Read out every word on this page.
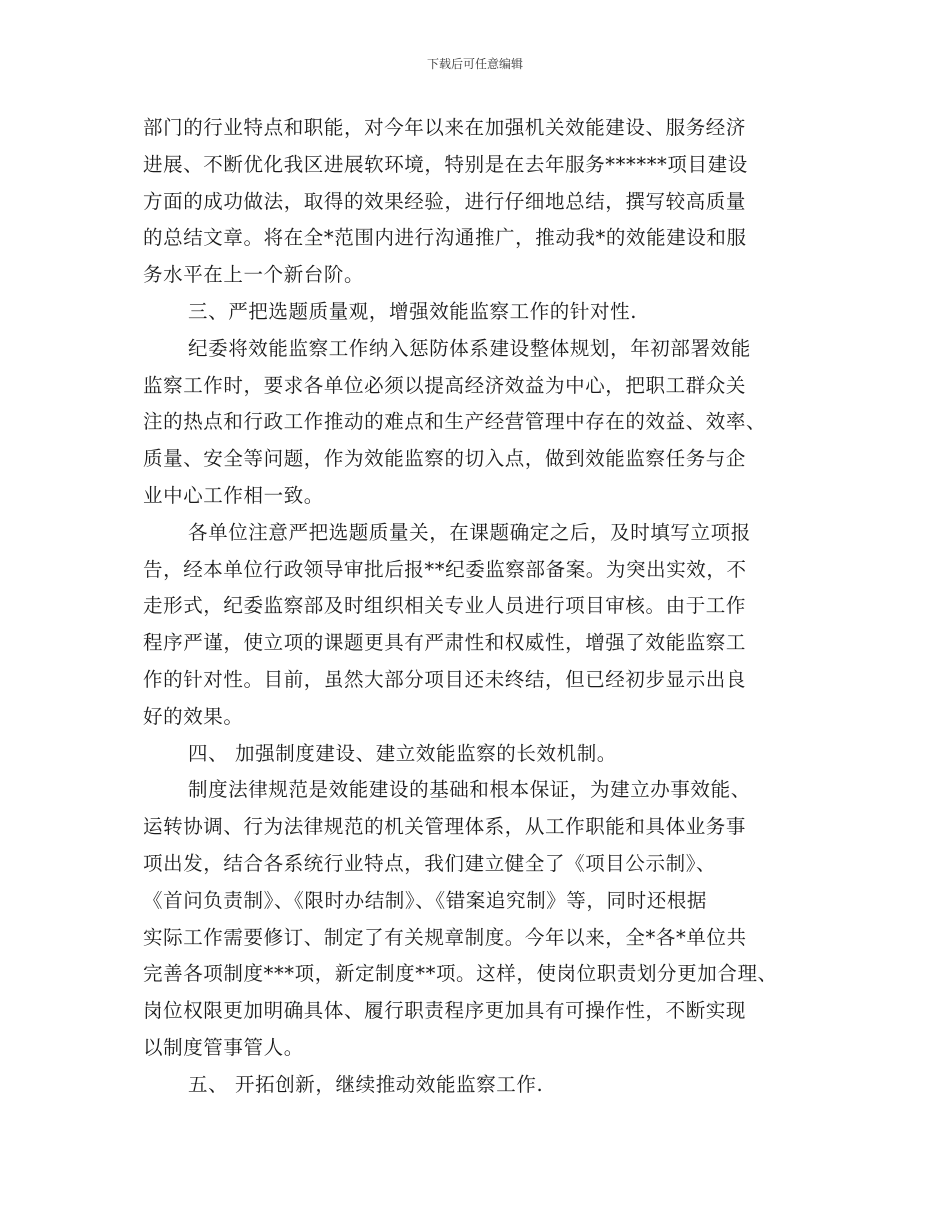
下载后可任意编辑
部门的行业特点和职能，对今年以来在加强机关效能建设、服务经济
进展、不断优化我区进展软环境，特别是在去年服务******项目建设
方面的成功做法，取得的效果经验，进行仔细地总结，撰写较高质量
的总结文章。将在全*范围内进行沟通推广，推动我*的效能建设和服
务水平在上一个新台阶。
三、严把选题质量观，增强效能监察工作的针对性.
纪委将效能监察工作纳入惩防体系建设整体规划，年初部署效能
监察工作时，要求各单位必须以提高经济效益为中心，把职工群众关
注的热点和行政工作推动的难点和生产经营管理中存在的效益、效率、
质量、安全等问题，作为效能监察的切入点，做到效能监察任务与企
业中心工作相一致。
各单位注意严把选题质量关，在课题确定之后，及时填写立项报
告，经本单位行政领导审批后报**纪委监察部备案。为突出实效，不
走形式，纪委监察部及时组织相关专业人员进行项目审核。由于工作
程序严谨，使立项的课题更具有严肃性和权威性，增强了效能监察工
作的针对性。目前，虽然大部分项目还未终结，但已经初步显示出良
好的效果。
四、 加强制度建设、建立效能监察的长效机制。
制度法律规范是效能建设的基础和根本保证，为建立办事效能、
运转协调、行为法律规范的机关管理体系，从工作职能和具体业务事
项出发，结合各系统行业特点，我们建立健全了《项目公示制》、
《首问负责制》、《限时办结制》、《错案追究制》等，同时还根据
实际工作需要修订、制定了有关规章制度。今年以来，全*各*单位共
完善各项制度***项，新定制度**项。这样，使岗位职责划分更加合理、
岗位权限更加明确具体、履行职责程序更加具有可操作性，不断实现
以制度管事管人。
五、 开拓创新，继续推动效能监察工作.
